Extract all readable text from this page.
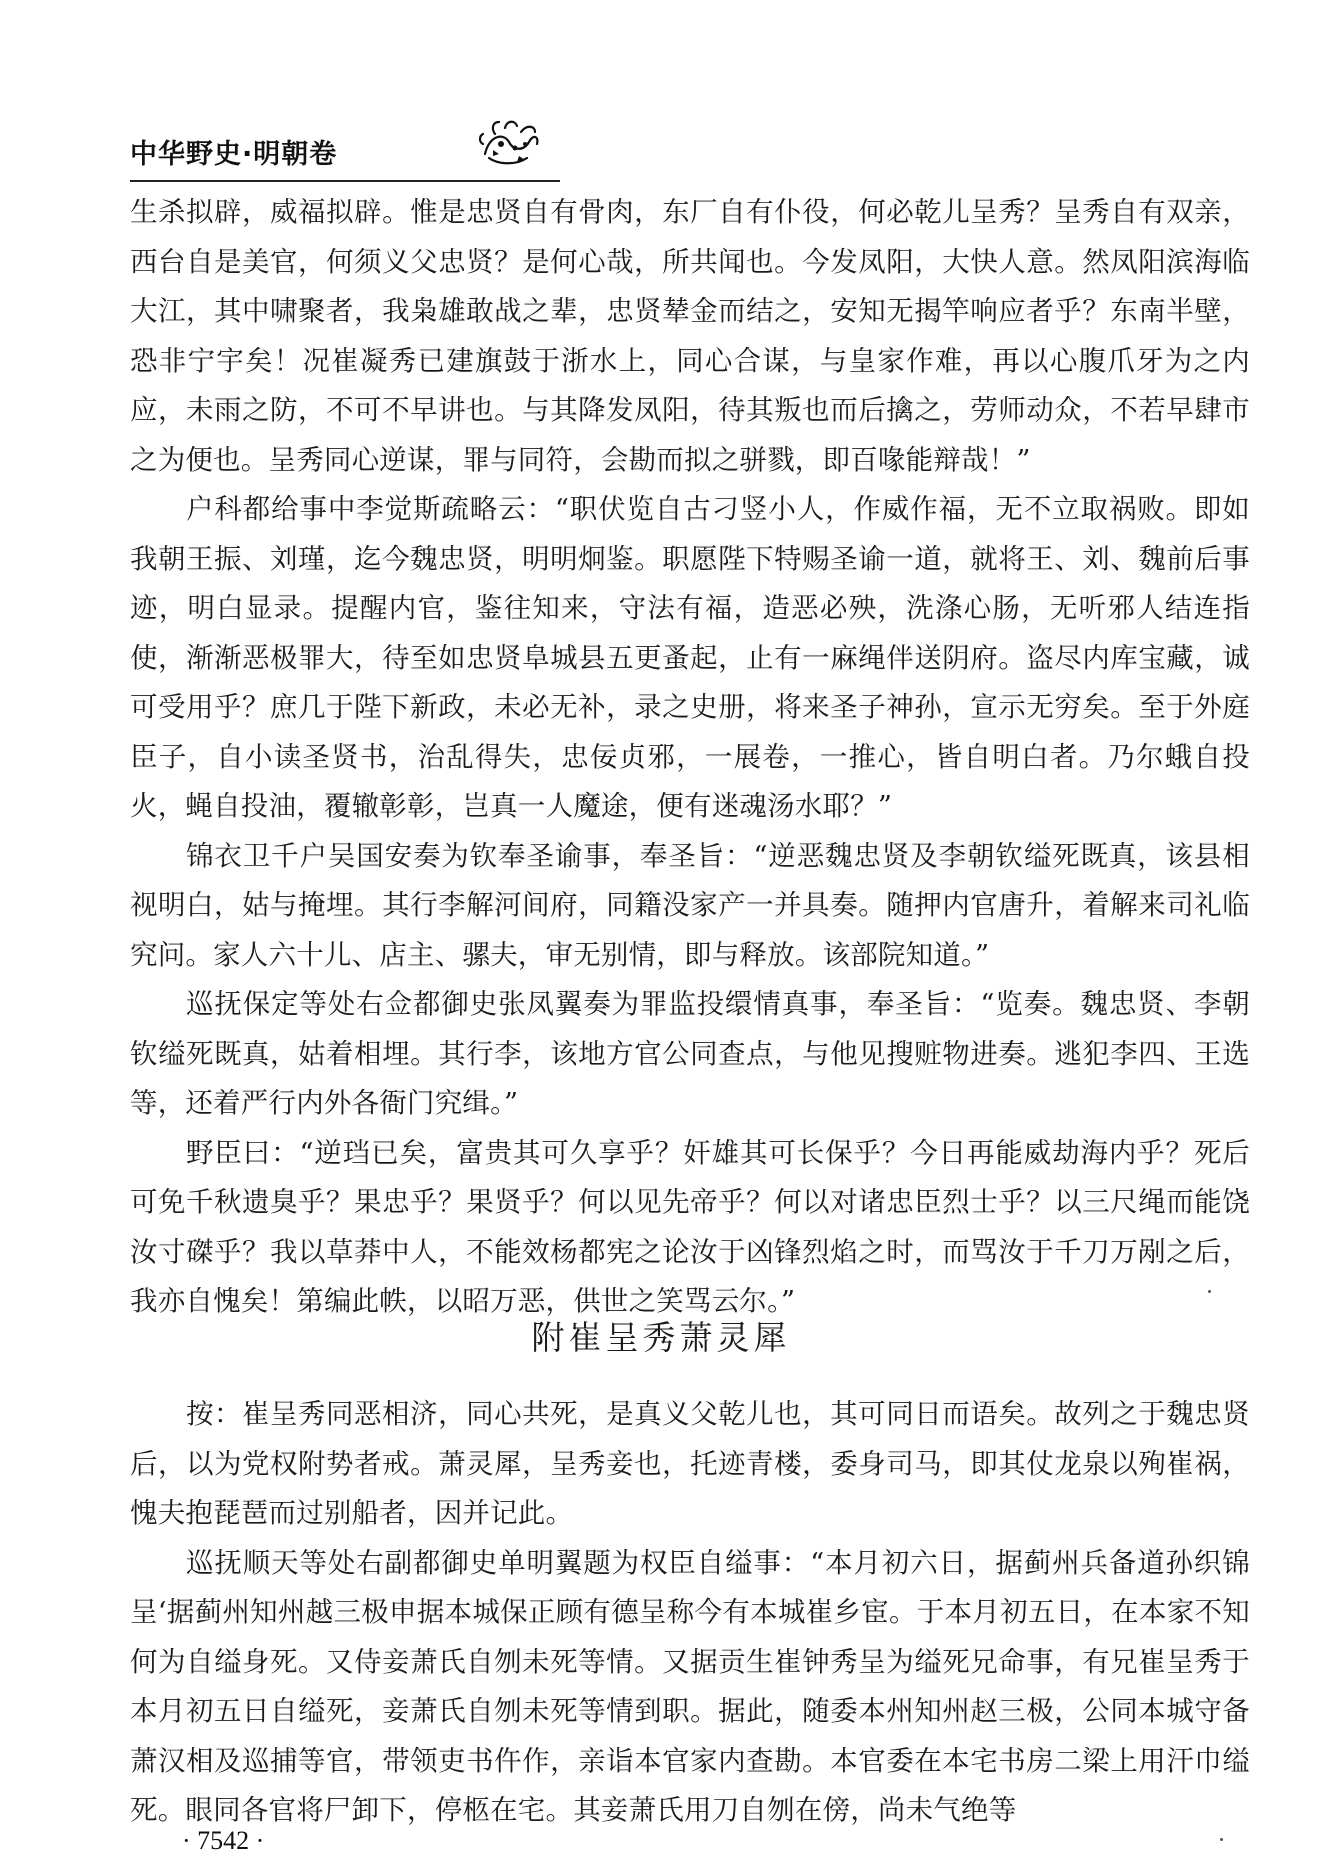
中华野史·明朝卷

生杀拟辟，威福拟辟。惟是忠贤自有骨肉，东厂自有仆役，何必乾儿呈秀？呈秀自有双亲，西台自是美官，何须义父忠贤？是何心哉，所共闻也。今发凤阳，大快人意。然凤阳滨海临大江，其中啸聚者，我枭雄敢战之辈，忠贤辇金而结之，安知无揭竿响应者乎？东南半壁，恐非宁宇矣！况崔凝秀已建旗鼓于浙水上，同心合谋，与皇家作难，再以心腹爪牙为之内应，未雨之防，不可不早讲也。与其降发凤阳，待其叛也而后擒之，劳师动众，不若早肆市之为便也。呈秀同心逆谋，罪与同符，会勘而拟之骈戮，即百喙能辩哉！”

户科都给事中李觉斯疏略云：“职伏览自古刁竖小人，作威作福，无不立取祸败。即如我朝王振、刘瑾，迄今魏忠贤，明明炯鉴。职愿陛下特赐圣谕一道，就将王、刘、魏前后事迹，明白显录。提醒内官，鉴往知来，守法有福，造恶必殃，洗涤心肠，无听邪人结连指使，渐渐恶极罪大，待至如忠贤阜城县五更蚤起，止有一麻绳伴送阴府。盗尽内库宝藏，诚可受用乎？庶几于陛下新政，未必无补，录之史册，将来圣子神孙，宣示无穷矣。至于外庭臣子，自小读圣贤书，治乱得失，忠佞贞邪，一展卷，一推心，皆自明白者。乃尔蛾自投火，蝇自投油，覆辙彰彰，岂真一人魔途，便有迷魂汤水耶？”

锦衣卫千户吴国安奏为钦奉圣谕事，奉圣旨：“逆恶魏忠贤及李朝钦缢死既真，该县相视明白，姑与掩埋。其行李解河间府，同籍没家产一并具奏。随押内官唐升，着解来司礼临究问。家人六十儿、店主、骡夫，审无别情，即与释放。该部院知道。”

巡抚保定等处右佥都御史张凤翼奏为罪监投缳情真事，奉圣旨：“览奏。魏忠贤、李朝钦缢死既真，姑着相埋。其行李，该地方官公同查点，与他见搜赃物进奏。逃犯李四、王选等，还着严行内外各衙门究缉。”

野臣曰：“逆珰已矣，富贵其可久享乎？奸雄其可长保乎？今日再能威劫海内乎？死后可免千秋遗臭乎？果忠乎？果贤乎？何以见先帝乎？何以对诸忠臣烈士乎？以三尺绳而能饶汝寸磔乎？我以草莽中人，不能效杨都宪之论汝于凶锋烈焰之时，而骂汝于千刀万剐之后，我亦自愧矣！第编此帙，以昭万恶，供世之笑骂云尔。”

附崔呈秀萧灵犀

按：崔呈秀同恶相济，同心共死，是真义父乾儿也，其可同日而语矣。故列之于魏忠贤后，以为党权附势者戒。萧灵犀，呈秀妾也，托迹青楼，委身司马，即其仗龙泉以殉崔祸，愧夫抱琵琶而过别船者，因并记此。

巡抚顺天等处右副都御史单明翼题为权臣自缢事：“本月初六日，据蓟州兵备道孙织锦呈‘据蓟州知州越三极申据本城保正顾有德呈称今有本城崔乡宦。于本月初五日，在本家不知何为自缢身死。又侍妾萧氏自刎未死等情。又据贡生崔钟秀呈为缢死兄命事，有兄崔呈秀于本月初五日自缢死，妾萧氏自刎未死等情到职。据此，随委本州知州赵三极，公同本城守备萧汉相及巡捕等官，带领吏书仵作，亲诣本官家内查勘。本官委在本宅书房二梁上用汗巾缢死。眼同各官将尸卸下，停柩在宅。其妾萧氏用刀自刎在傍，尚未气绝等

· 7542 ·
